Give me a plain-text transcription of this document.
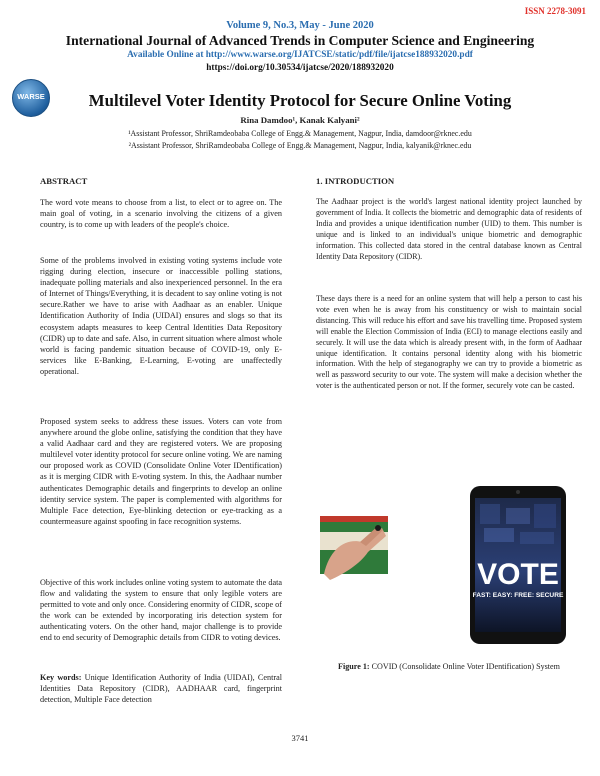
ISSN 2278-3091
Volume 9, No.3, May - June 2020
International Journal of Advanced Trends in Computer Science and Engineering
Available Online at http://www.warse.org/IJATCSE/static/pdf/file/ijatcse188932020.pdf
https://doi.org/10.30534/ijatcse/2020/188932020
WARSE	Multilevel Voter Identity Protocol for Secure Online Voting
Rina Damdoo¹, Kanak Kalyani²
¹Assistant Professor, ShriRamdeobaba College of Engg.& Management, Nagpur, India, damdoor@rknec.edu
²Assistant Professor, ShriRamdeobaba College of Engg.& Management, Nagpur, India, kalyanik@rknec.edu
ABSTRACT
The word vote means to choose from a list, to elect or to agree on. The main goal of voting, in a scenario involving the citizens of a given country, is to come up with leaders of the people's choice.
Some of the problems involved in existing voting systems include vote rigging during election, insecure or inaccessible polling stations, inadequate polling materials and also inexperienced personnel. In the era of Internet of Things/Everything, it is decadent to say online voting is not secure.Rather we have to arise with Aadhaar as an enabler. Unique Identification Authority of India (UIDAI) ensures and slogs so that its ecosystem adapts measures to keep Central Identities Data Repository (CIDR) up to date and safe. Also, in current situation where almost whole world is facing pandemic situation because of COVID-19, only E-services like E-Banking, E-Learning, E-voting are unaffectedly operational.
Proposed system seeks to address these issues. Voters can vote from anywhere around the globe online, satisfying the condition that they have a valid Aadhaar card and they are registered voters. We are proposing multilevel voter identity protocol for secure online voting. We are naming our proposed work as COVID (Consolidate Online Voter IDentification) as it is merging CIDR with E-voting system. In this, the Aadhaar number authenticates Demographic details and fingerprints to develop an online identity service system. The paper is complemented with algorithms for Multiple Face detection, Eye-blinking detection or eye-tracking as a countermeasure against spoofing in face recognition systems.
Objective of this work includes online voting system to automate the data flow and validating the system to ensure that only legible voters are permitted to vote and only once. Considering enormity of CIDR, scope of the work can be extended by incorporating iris detection system for authenticating voters. On the other hand, major challenge is to provide end to end security of Demographic details from CIDR to voting devices.
Key words: Unique Identification Authority of India (UIDAI), Central Identities Data Repository (CIDR), AADHAAR card, fingerprint detection, Multiple Face detection
1. INTRODUCTION
The Aadhaar project is the world's largest national identity project launched by government of India. It collects the biometric and demographic data of residents of India and provides a unique identification number (UID) to them. This number is unique and is linked to an individual's unique biometric and demographic information. This collected data stored in the central database known as Central Identity Data Repository (CIDR).
These days there is a need for an online system that will help a person to cast his vote even when he is away from his constituency or wish to maintain social distancing. This will reduce his effort and save his travelling time. Proposed system will enable the Election Commission of India (ECI) to manage elections easily and securely. It will use the data which is already present with, in the form of Aadhaar unique identification. It contains personal identity along with his biometric information. With the help of steganography we can try to provide a biometric as well as password security to our vote. The system will make a decision whether the voter is the authenticated person or not. If the former, securely vote can be casted.
VOTE
FAST: EASY: FREE: SECURE
Figure 1: COVID (Consolidate Online Voter IDentification) System
3741
